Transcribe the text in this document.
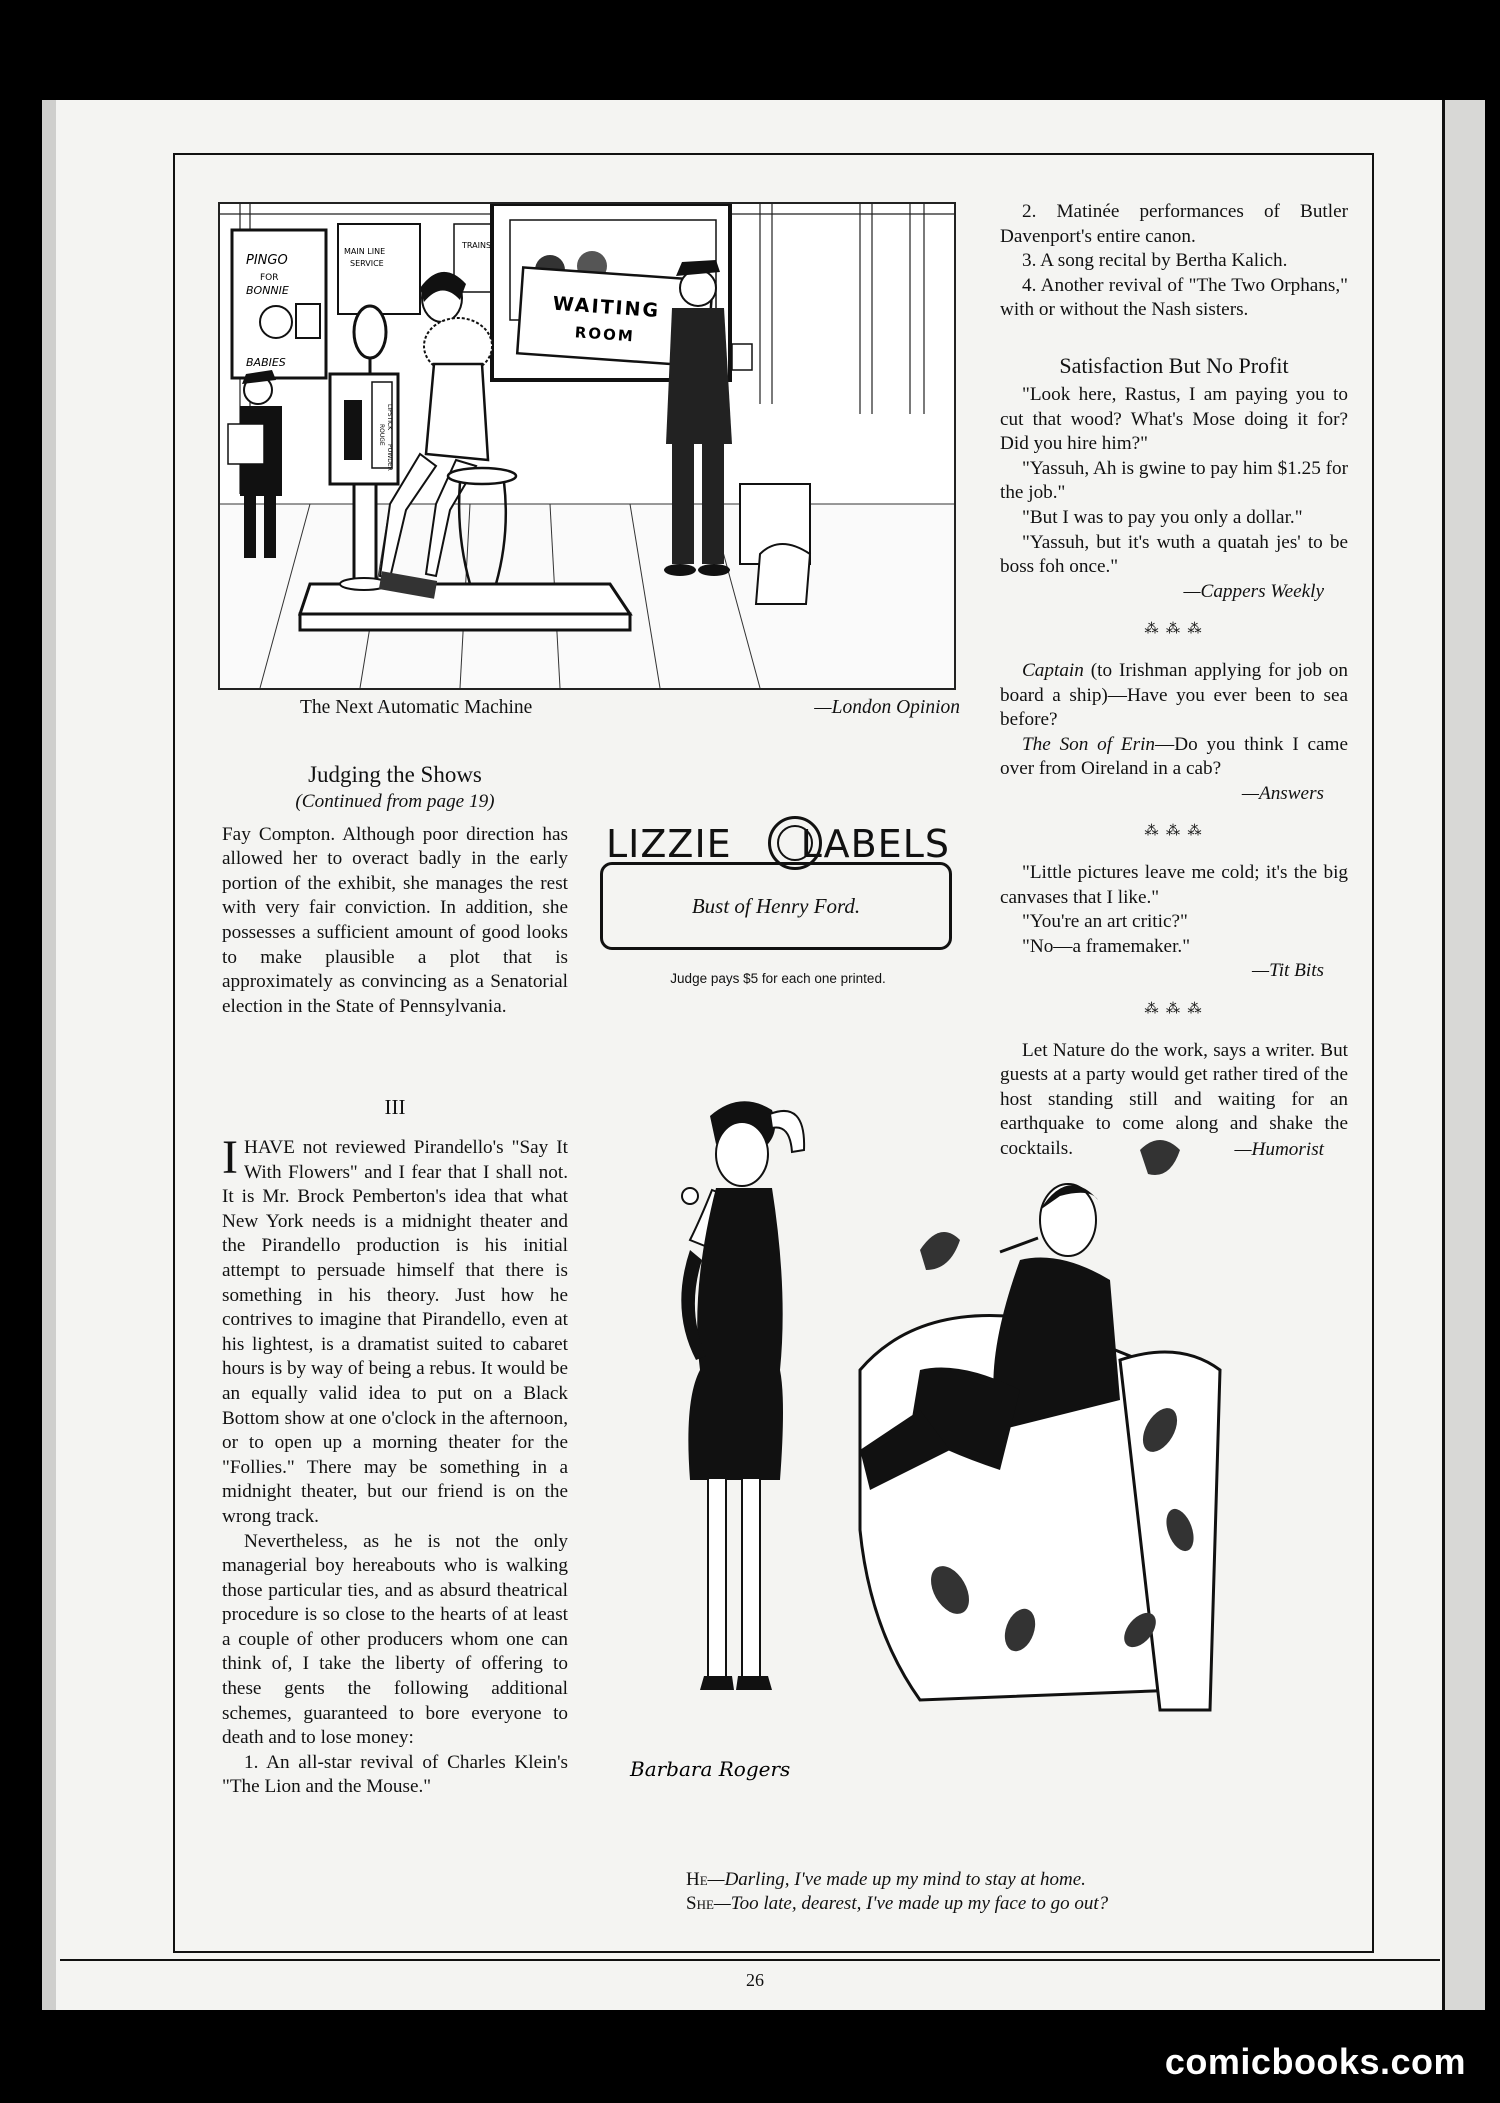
PINGO
FOR
BONNIE
BABIES
MAIN LINE
SERVICE
TRAINS
WAITING
ROOM
LIPSTICK
ROUGE
POWDER
The Next Automatic Machine	—London Opinion

Judging the Shows

(Continued from page 19)

Fay Compton. Although poor direction has allowed her to overact badly in the early portion of the exhibit, she manages the rest with very fair conviction. In addition, she possesses a sufficient amount of good looks to make plausible a plot that is approximately as convincing as a Senatorial election in the State of Pennsylvania.

III

IHAVE not reviewed Pirandello's "Say It With Flowers" and I fear that I shall not. It is Mr. Brock Pemberton's idea that what New York needs is a midnight theater and the Pirandello production is his initial attempt to persuade himself that there is something in his theory. Just how he contrives to imagine that Pirandello, even at his lightest, is a dramatist suited to cabaret hours is by way of being a rebus. It would be an equally valid idea to put on a Black Bottom show at one o'clock in the afternoon, or to open up a morning theater for the "Follies." There may be something in a midnight theater, but our friend is on the wrong track.

Nevertheless, as he is not the only managerial boy hereabouts who is walking those particular ties, and as absurd theatrical procedure is so close to the hearts of at least a couple of other producers whom one can think of, I take the liberty of offering to these gents the following additional schemes, guaranteed to bore everyone to death and to lose money:

1. An all-star revival of Charles Klein's "The Lion and the Mouse."

LIZZIE LABELS
Bust of Henry Ford.
Judge pays $5 for each one printed.

2. Matinée performances of Butler Davenport's entire canon.

3. A song recital by Bertha Kalich.

4. Another revival of "The Two Orphans," with or without the Nash sisters.

Satisfaction But No Profit

"Look here, Rastus, I am paying you to cut that wood? What's Mose doing it for? Did you hire him?"

"Yassuh, Ah is gwine to pay him $1.25 for the job."

"But I was to pay you only a dollar."

"Yassuh, but it's wuth a quatah jes' to be boss foh once."

—Cappers Weekly

⁂ ⁂ ⁂

Captain (to Irishman applying for job on board a ship)—Have you ever been to sea before?

The Son of Erin—Do you think I came over from Oireland in a cab?

—Answers

⁂ ⁂ ⁂

"Little pictures leave me cold; it's the big canvases that I like."

"You're an art critic?"

"No—a framemaker."

—Tit Bits

⁂ ⁂ ⁂

Let Nature do the work, says a writer. But guests at a party would get rather tired of the host standing still and waiting for an earthquake to come along and shake the cocktails.	—Humorist

Barbara Rogers

He—Darling, I've made up my mind to stay at home.

She—Too late, dearest, I've made up my face to go out?

26
comicbooks.com
